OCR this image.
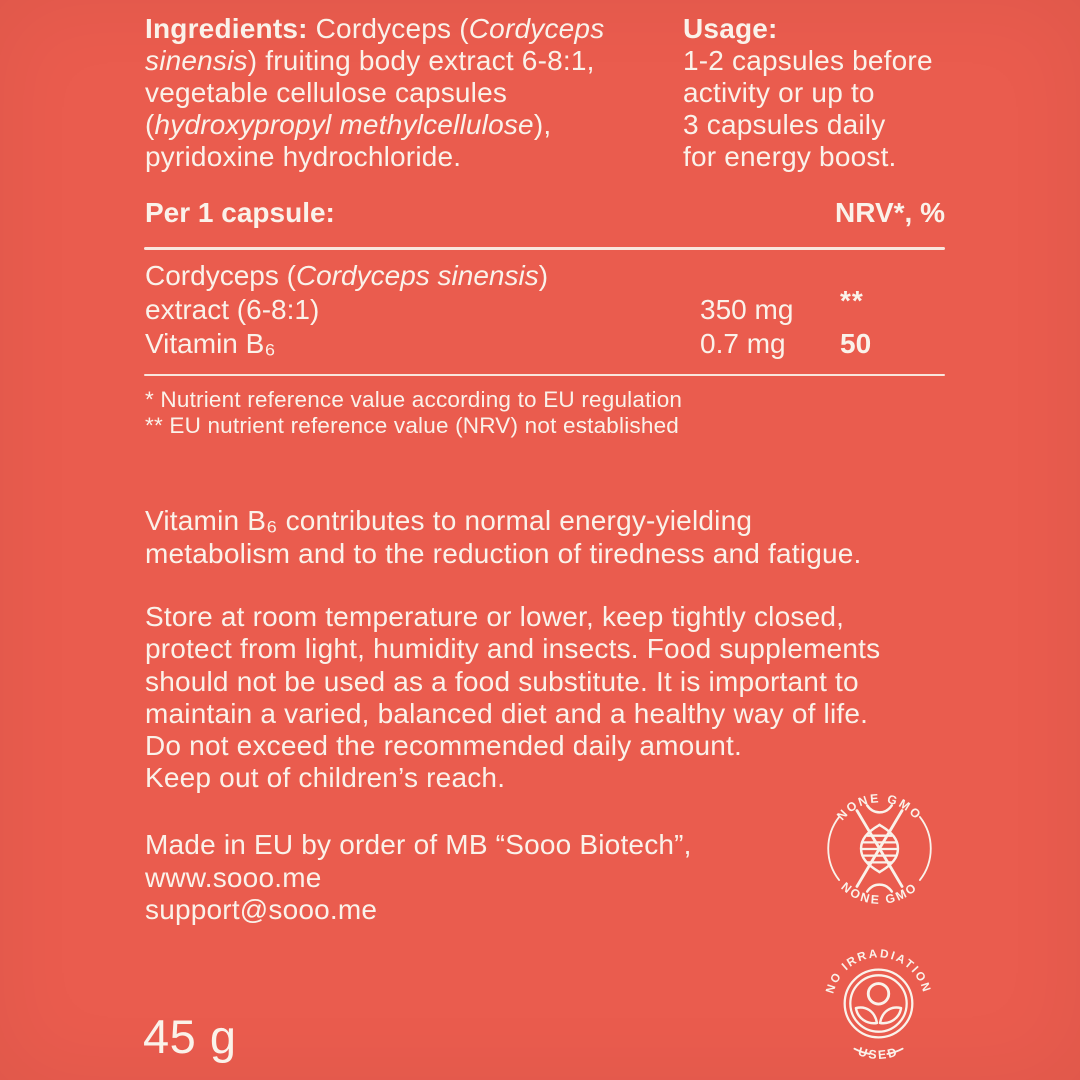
Ingredients: Cordyceps (Cordyceps
sinensis) fruiting body extract 6-8:1,
vegetable cellulose capsules
(hydroxypropyl methylcellulose),
pyridoxine hydrochloride.
Usage:
1-2 capsules before
activity or up to
3 capsules daily
for energy boost.
Per 1 capsule:	NRV*, %
Cordyceps (Cordyceps sinensis)
extract (6-8:1)
Vitamin B₆
350 mg
0.7 mg
**
50
* Nutrient reference value according to EU regulation
** EU nutrient reference value (NRV) not established
Vitamin B₆ contributes to normal energy-yielding
metabolism and to the reduction of tiredness and fatigue.
Store at room temperature or lower, keep tightly closed,
protect from light, humidity and insects. Food supplements
should not be used as a food substitute. It is important to
maintain a varied, balanced diet and a healthy way of life.
Do not exceed the recommended daily amount.
Keep out of children’s reach.
Made in EU by order of MB “Sooo Biotech”,
www.sooo.me
support@sooo.me
45 g
NONE GMO
NONE GMO
NO IRRADIATION
USED
